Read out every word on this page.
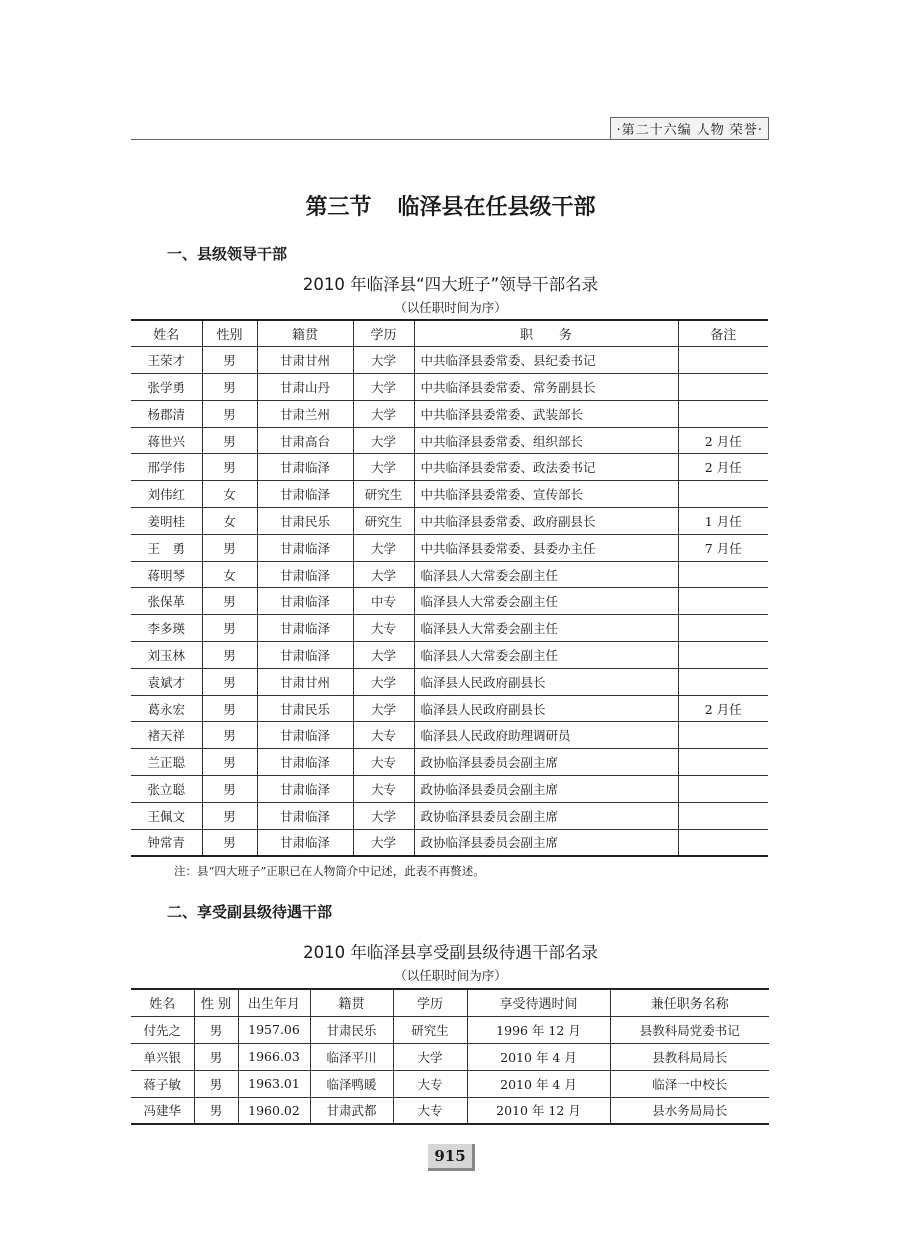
·第二十六编 人物 荣誉·
第三节 临泽县在任县级干部
一、县级领导干部
2010 年临泽县“四大班子”领导干部名录
（以任职时间为序）
姓名	性别	籍贯	学历	职　　务	备注
王荣才	男	甘肃甘州	大学	中共临泽县委常委、县纪委书记	
张学勇	男	甘肃山丹	大学	中共临泽县委常委、常务副县长	
杨郡清	男	甘肃兰州	大学	中共临泽县委常委、武装部长	
蒋世兴	男	甘肃高台	大学	中共临泽县委常委、组织部长	2 月任
邢学伟	男	甘肃临泽	大学	中共临泽县委常委、政法委书记	2 月任
刘伟红	女	甘肃临泽	研究生	中共临泽县委常委、宣传部长	
姜明桂	女	甘肃民乐	研究生	中共临泽县委常委、政府副县长	1 月任
王　勇	男	甘肃临泽	大学	中共临泽县委常委、县委办主任	7 月任
蒋明琴	女	甘肃临泽	大学	临泽县人大常委会副主任	
张保革	男	甘肃临泽	中专	临泽县人大常委会副主任	
李多瑛	男	甘肃临泽	大专	临泽县人大常委会副主任	
刘玉林	男	甘肃临泽	大学	临泽县人大常委会副主任	
袁斌才	男	甘肃甘州	大学	临泽县人民政府副县长	
葛永宏	男	甘肃民乐	大学	临泽县人民政府副县长	2 月任
褚天祥	男	甘肃临泽	大专	临泽县人民政府助理调研员	
兰正聪	男	甘肃临泽	大专	政协临泽县委员会副主席	
张立聪	男	甘肃临泽	大专	政协临泽县委员会副主席	
王佩文	男	甘肃临泽	大学	政协临泽县委员会副主席	
钟常青	男	甘肃临泽	大学	政协临泽县委员会副主席	
注：县“四大班子”正职已在人物简介中记述，此表不再赘述。
二、享受副县级待遇干部
2010 年临泽县享受副县级待遇干部名录
（以任职时间为序）
姓名	性 别	出生年月	籍贯	学历	享受待遇时间	兼任职务名称
付先之	男	1957.06	甘肃民乐	研究生	1996 年 12 月	县教科局党委书记
单兴银	男	1966.03	临泽平川	大学	2010 年 4 月	县教科局局长
蒋子敏	男	1963.01	临泽鸭暖	大专	2010 年 4 月	临泽一中校长
冯建华	男	1960.02	甘肃武都	大专	2010 年 12 月	县水务局局长
915
